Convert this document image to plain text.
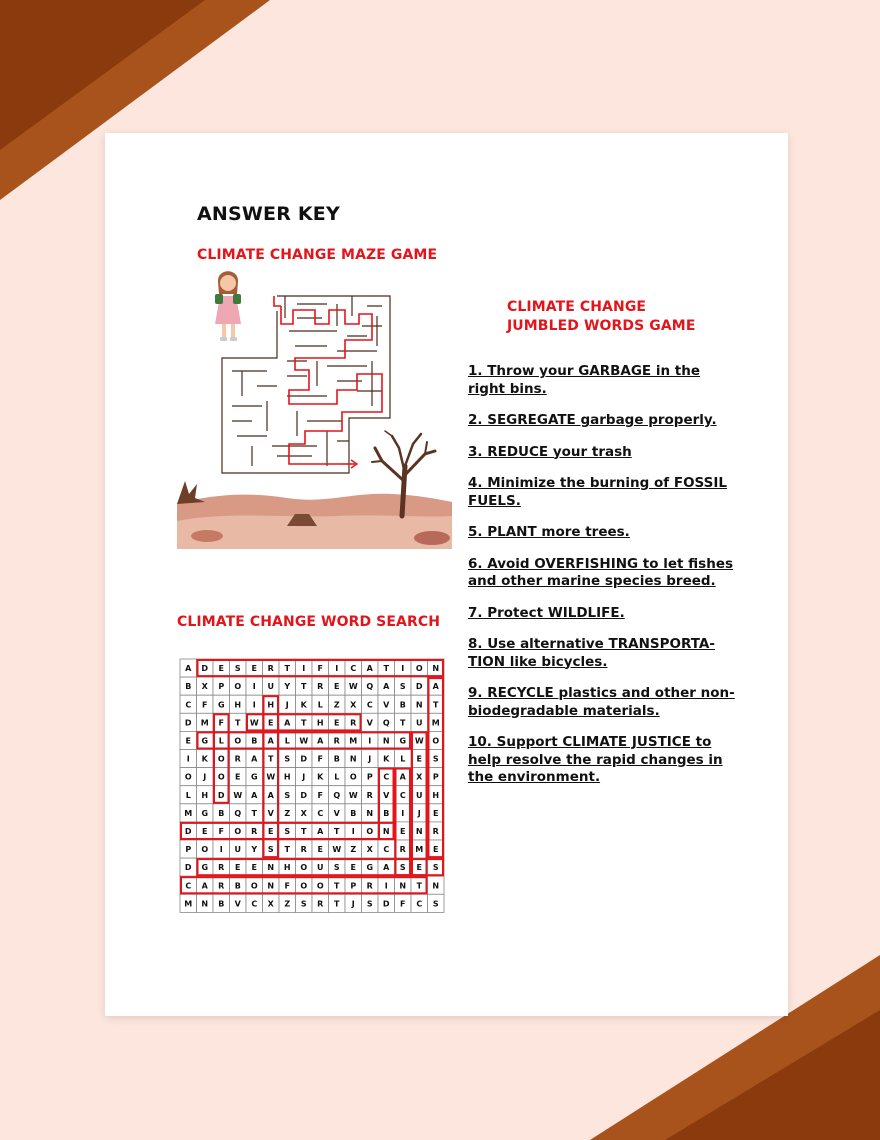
ANSWER KEY
CLIMATE CHANGE MAZE GAME
CLIMATE CHANGE
JUMBLED WORDS GAME
1. Throw your GARBAGE in the right bins.
2. SEGREGATE garbage properly.
3. REDUCE your trash
4. Minimize the burning of FOSSIL FUELS.
5. PLANT more trees.
6. Avoid OVERFISHING to let fishes and other marine species breed.
7. Protect WILDLIFE.
8. Use alternative TRANSPORTA-TION like bicycles.
9. RECYCLE plastics and other non-biodegradable materials.
10. Support CLIMATE JUSTICE to help resolve the rapid changes in the environment.
CLIMATE CHANGE WORD SEARCH
A D E S E R T I F I C A T I O N
B X P O I U Y T R E W Q A S D A
C F G H I H J K L Z X C V B N T
D M F T W E A T H E R V Q T U M
E G L O B A L W A R M I N G W O
I K O R A T S D F B N J K L E S
O J O E G W H J K L O P C A X P
L H D W A A S D F Q W R V C U H
M G B Q T V Z X C V B N B I J E
D E F O R E S T A T I O N E N R
P O I U Y S T R E W Z X C R M E
D G R E E N H O U S E G A S E S
C A R B O N F O O T P R I N T N
M N B V C X Z S R T J S D F C S
